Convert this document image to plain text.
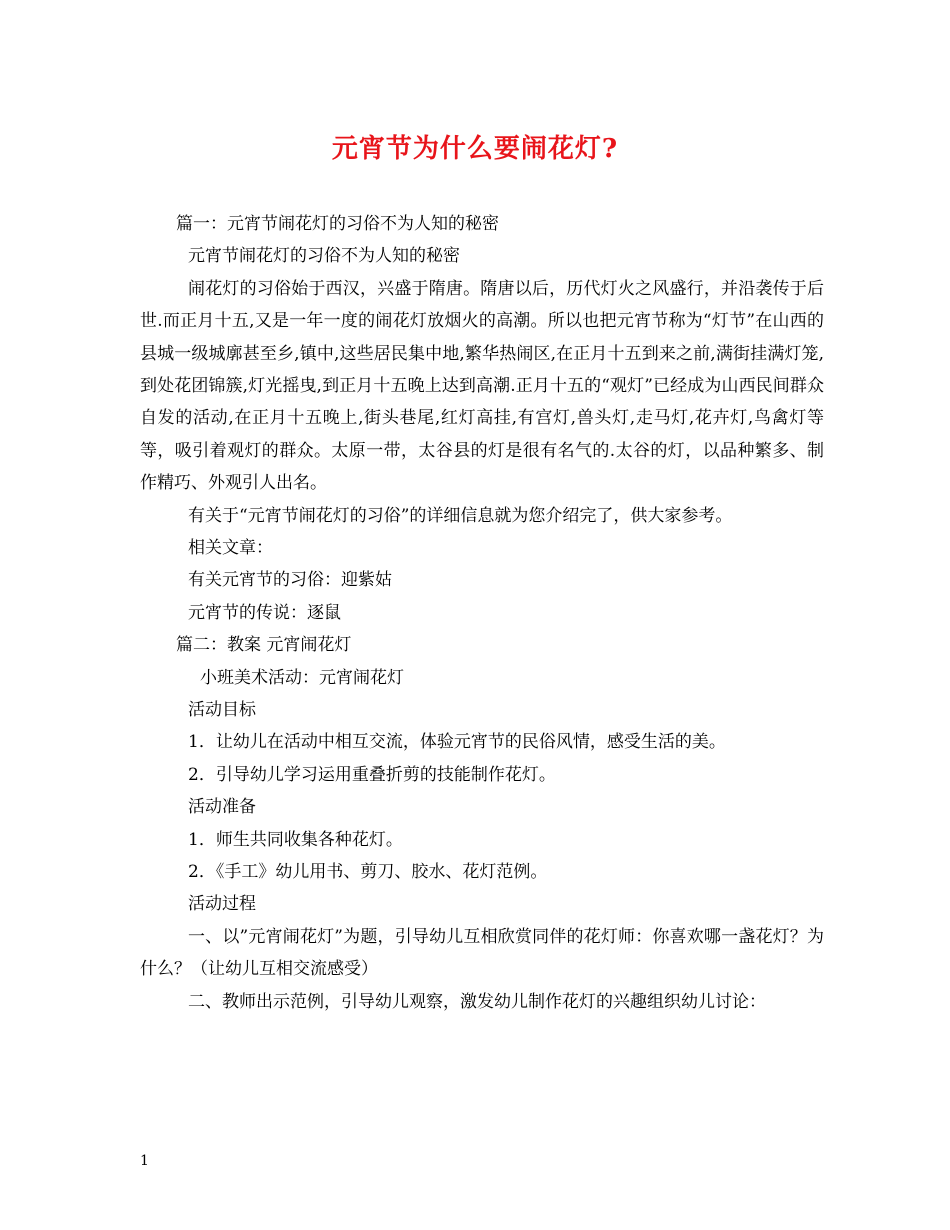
元宵节为什么要闹花灯?
篇一：元宵节闹花灯的习俗不为人知的秘密
元宵节闹花灯的习俗不为人知的秘密
闹花灯的习俗始于西汉，兴盛于隋唐。隋唐以后，历代灯火之风盛行，并沿袭传于后世.而正月十五,又是一年一度的闹花灯放烟火的高潮。所以也把元宵节称为“灯节”在山西的县城一级城廓甚至乡,镇中,这些居民集中地,繁华热闹区,在正月十五到来之前,满街挂满灯笼,到处花团锦簇,灯光摇曳,到正月十五晚上达到高潮.正月十五的“观灯”已经成为山西民间群众自发的活动,在正月十五晚上,街头巷尾,红灯高挂,有宫灯,兽头灯,走马灯,花卉灯,鸟禽灯等等，吸引着观灯的群众。太原一带，太谷县的灯是很有名气的.太谷的灯，以品种繁多、制作精巧、外观引人出名。
有关于“元宵节闹花灯的习俗”的详细信息就为您介绍完了，供大家参考。
相关文章：
有关元宵节的习俗：迎紫姑
元宵节的传说：逐鼠
篇二：教案 元宵闹花灯
小班美术活动：元宵闹花灯
活动目标
1．让幼儿在活动中相互交流，体验元宵节的民俗风情，感受生活的美。
2．引导幼儿学习运用重叠折剪的技能制作花灯。
活动准备
1．师生共同收集各种花灯。
2．《手工》幼儿用书、剪刀、胶水、花灯范例。
活动过程
一、以”元宵闹花灯”为题，引导幼儿互相欣赏同伴的花灯师：你喜欢哪一盏花灯？为什么？（让幼儿互相交流感受）
二、教师出示范例，引导幼儿观察，激发幼儿制作花灯的兴趣组织幼儿讨论：
1
